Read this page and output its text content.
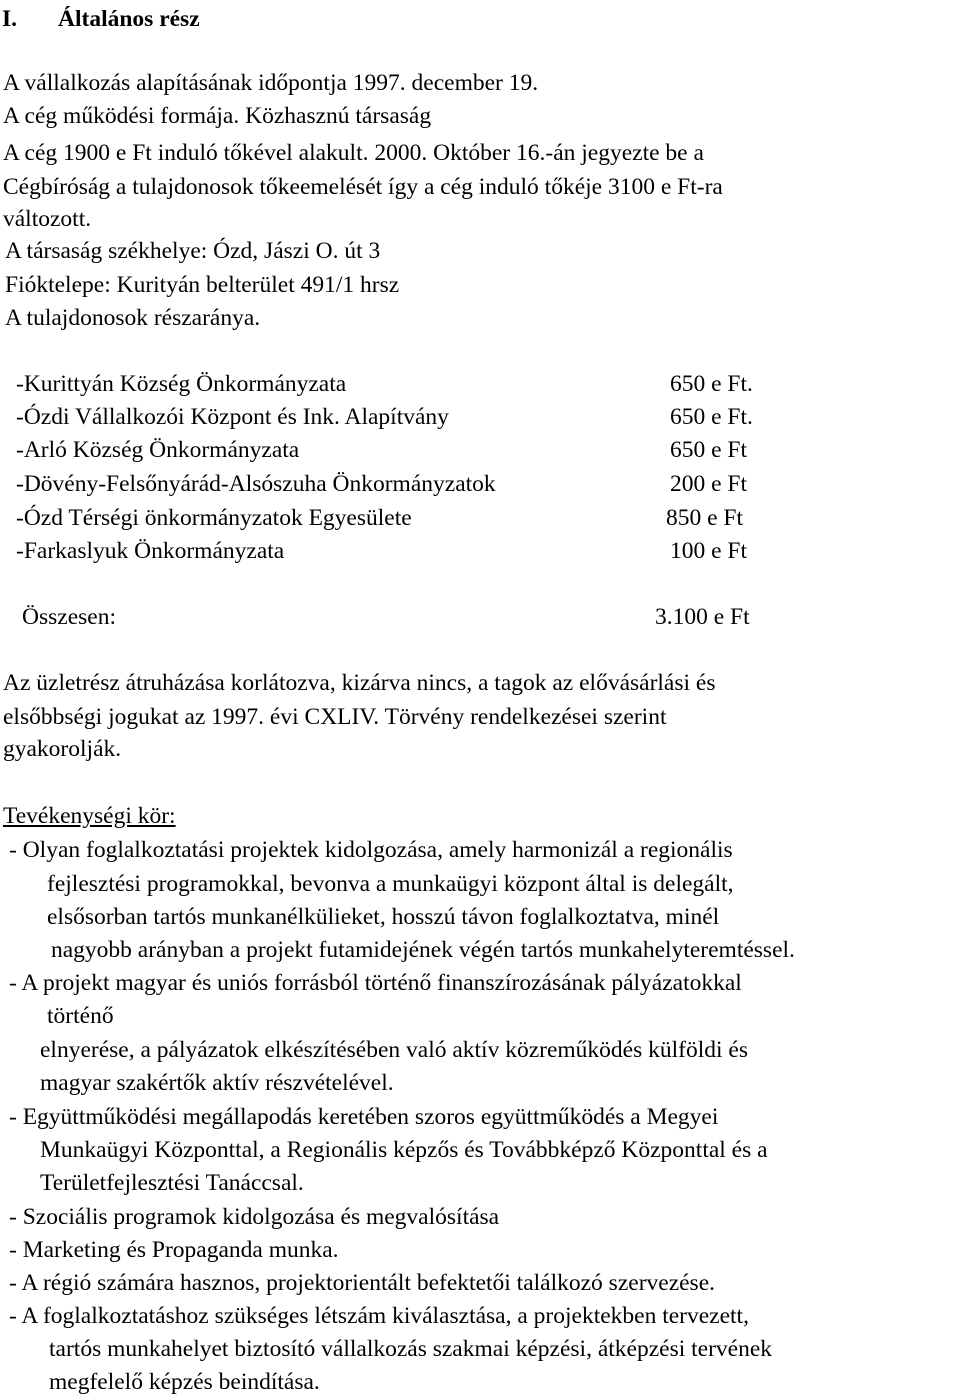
I. Általános rész
A vállalkozás alapításának időpontja 1997. december 19.
A cég működési formája. Közhasznú társaság
A cég 1900 e Ft induló tőkével alakult. 2000. Október 16.-án jegyezte be a
Cégbíróság a tulajdonosok tőkeemelését így a cég induló tőkéje 3100 e Ft-ra
változott.
A társaság székhelye: Ózd, Jászi O. út 3
Fióktelepe: Kurityán belterület 491/1 hrsz
A tulajdonosok részaránya.
-Kurittyán Község Önkormányzata	650 e Ft.
-Ózdi Vállalkozói Központ és Ink. Alapítvány	650 e Ft.
-Arló Község Önkormányzata	650 e Ft
-Dövény-Felsőnyárád-Alsószuha Önkormányzatok	200 e Ft
-Ózd Térségi önkormányzatok Egyesülete	850 e Ft
-Farkaslyuk Önkormányzata	100 e Ft
Összesen:	3.100 e Ft
Az üzletrész átruházása korlátozva, kizárva nincs, a tagok az elővásárlási és
elsőbbségi jogukat az 1997. évi CXLIV. Törvény rendelkezései szerint
gyakorolják.
Tevékenységi kör:
- Olyan foglalkoztatási projektek kidolgozása, amely harmonizál a regionális
fejlesztési programokkal, bevonva a munkaügyi központ által is delegált,
elsősorban tartós munkanélkülieket, hosszú távon foglalkoztatva, minél
nagyobb arányban a projekt futamidejének végén tartós munkahelyteremtéssel.
- A projekt magyar és uniós forrásból történő finanszírozásának pályázatokkal
történő
elnyerése, a pályázatok elkészítésében való aktív közreműködés külföldi és
magyar szakértők aktív részvételével.
- Együttműködési megállapodás keretében szoros együttműködés a Megyei
Munkaügyi Központtal, a Regionális képzős és Továbbképző Központtal és a
Területfejlesztési Tanáccsal.
- Szociális programok kidolgozása és megvalósítása
- Marketing és Propaganda munka.
- A régió számára hasznos, projektorientált befektetői találkozó szervezése.
- A foglalkoztatáshoz szükséges létszám kiválasztása, a projektekben tervezett,
tartós munkahelyet biztosító vállalkozás szakmai képzési, átképzési tervének
megfelelő képzés beindítása.
